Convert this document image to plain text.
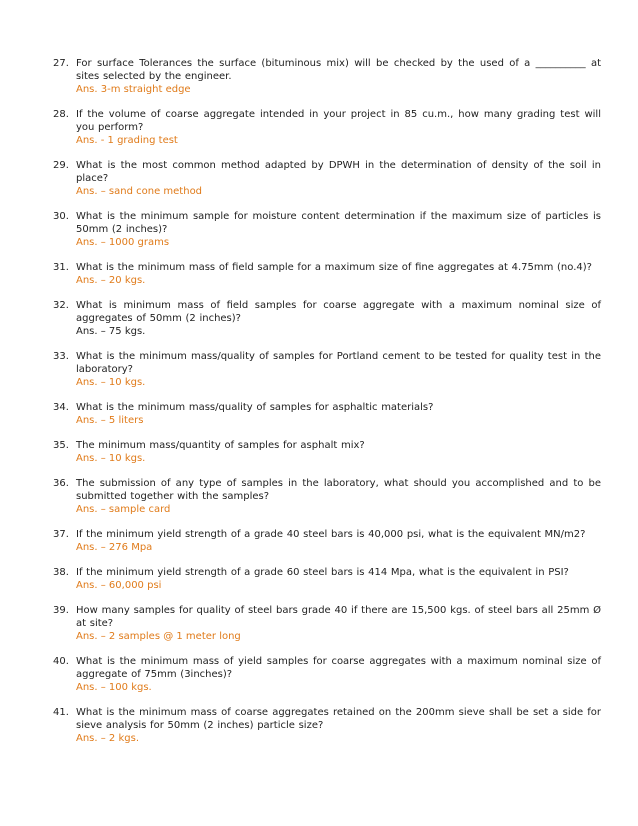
27. For surface Tolerances the surface (bituminous mix) will be checked by the used of a __________ at sites selected by the engineer.
Ans. 3-m straight edge
28. If the volume of coarse aggregate intended in your project in 85 cu.m., how many grading test will you perform?
Ans. - 1 grading test
29. What is the most common method adapted by DPWH in the determination of density of the soil in place?
Ans. – sand cone method
30. What is the minimum sample for moisture content determination if the maximum size of particles is 50mm (2 inches)?
Ans. – 1000 grams
31. What is the minimum mass of field sample for a maximum size of fine aggregates at 4.75mm (no.4)?
Ans. – 20 kgs.
32. What is minimum mass of field samples for coarse aggregate with a maximum nominal size of aggregates of 50mm (2 inches)?
Ans. – 75 kgs.
33. What is the minimum mass/quality of samples for Portland cement to be tested for quality test in the laboratory?
Ans. – 10 kgs.
34. What is the minimum mass/quality of samples for asphaltic materials?
Ans. – 5 liters
35. The minimum mass/quantity of samples for asphalt mix?
Ans. – 10 kgs.
36. The submission of any type of samples in the laboratory, what should you accomplished and to be submitted together with the samples?
Ans. – sample card
37. If the minimum yield strength of a grade 40 steel bars is 40,000 psi, what is the equivalent MN/m2?
Ans. – 276 Mpa
38. If the minimum yield strength of a grade 60 steel bars is 414 Mpa, what is the equivalent in PSI?
Ans. – 60,000 psi
39. How many samples for quality of steel bars grade 40 if there are 15,500 kgs. of steel bars all 25mm Ø at site?
Ans. – 2 samples @ 1 meter long
40. What is the minimum mass of yield samples for coarse aggregates with a maximum nominal size of aggregate of 75mm (3inches)?
Ans. – 100 kgs.
41. What is the minimum mass of coarse aggregates retained on the 200mm sieve shall be set a side for sieve analysis for 50mm (2 inches) particle size?
Ans. – 2 kgs.
